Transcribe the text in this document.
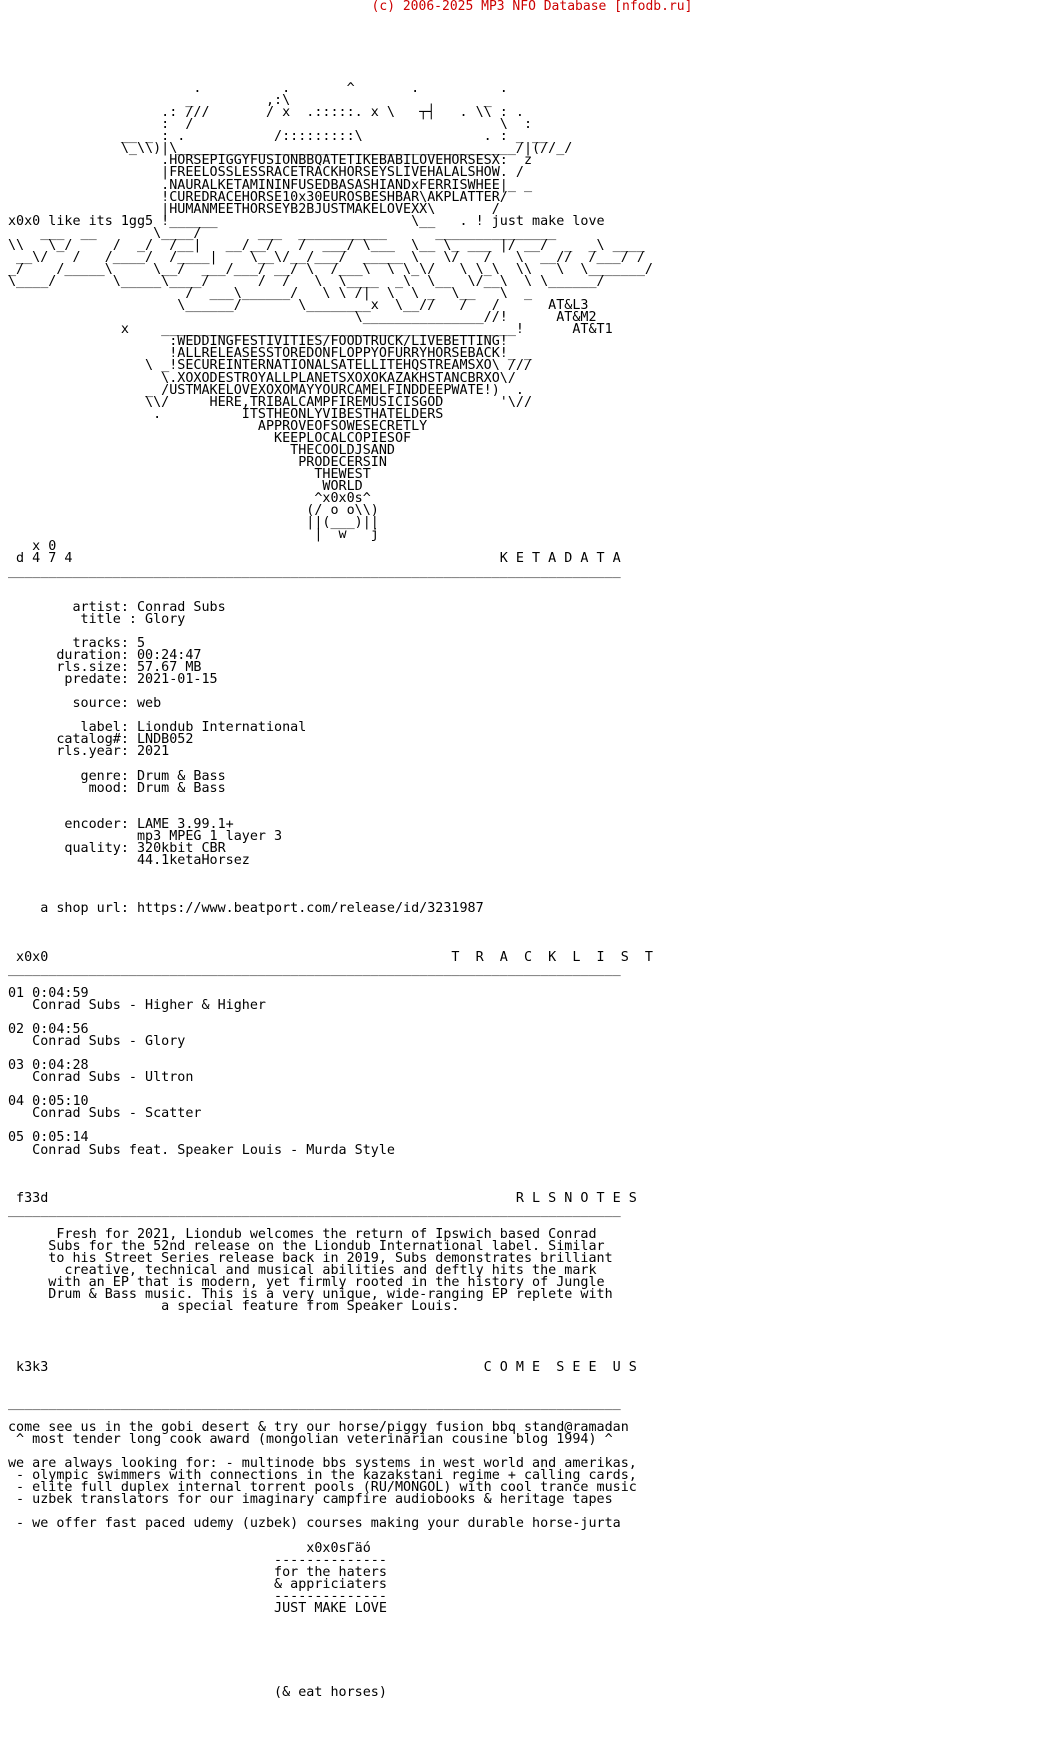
(c) 2006-2025 MP3 NFO Database [nfodb.ru]
.          .       ^       .          .
_         ,:\                        _
.: ///       / x  .:::::. x \   ┬┤   . \\ : .
:  /                                      \  :
__ _ : .           /:::::::::\               . : _ __
\_\\)|\__________________________________________/|(//_/
.HORSEPIGGYFUSIONBBQATETIKEBABILOVEHORSESX:  z
|FREELOSSLESSRACETRACKHORSEYSLIVEHALALSHOW. /
.NAURALKETAMININFUSEDBASASHIANDxFERRISWHEE|_ _
!CUREDRACEHORSE10x30EUROSBESHBAR\AKPLATTER/
|HUMANMEETHORSEYB2BJUSTMAKELOVEXX\       /
x0x0 like its 1gg5 !______                        \__   . ! just make love
___  __       \____/       ___  ___________      _______________
\\   \_/     /  _/  /__|   __/__/   /  ___/ \___  \__ \_ ___ |/ __/  _  _\ ____
__\/   /   /____/  /____|    \__\/__/___/  _____ \   \/   /   \  __//  /___/ /
_/    /_____\     \__/  ___/___/ __/ \  /___\  \ \_\/   \ \_\  \\   \  \_______/
\____/       \_____\____/      /  /   \  \____  _\  \__  \/__\  \ \______/
/  ___\______/   \ \ /|  \  \ _  \__   \  _
\______/       \________x  \__//   /   /      AT&L3
\_______________//!      AT&M2
x    ____________________________________________!      AT&T1
:WEDDINGFESTIVITIES/FOODTRUCK/LIVEBETTING!
!ALLRELEASESSTOREDONFLOPPYOFURRYHORSEBACK!_ _
\ _!SECUREINTERNATIONALSATELLITEHQSTREAMSXO\ ///
\.XOXODESTROYALLPLANETSXOXOKAZAKHSTANCBRXO\/
_ /USTMAKELOVEXOXOMAYYOURCAMELFINDDEEPWATE!)  .
\\/     HERE,TRIBALCAMPFIREMUSICISGOD       '\//
.          ITSTHEONLYVIBESTHATELDERS
APPROVEOFSOWESECRETLY
KEEPLOCALCOPIESOF
THECOOLDJSAND
PRODECERSIN
THEWEST
WORLD
^x0x0s^
(/ o o\\)
||(___)||
|  w   j
x 0
d 4 7 4                                                     K E T A D A T A
____________________________________________________________________________

artist: Conrad Subs
title : Glory

tracks: 5
duration: 00:24:47
rls.size: 57.67 MB
predate: 2021-01-15

source: web

label: Liondub International
catalog#: LNDB052
rls.year: 2021

genre: Drum & Bass
mood: Drum & Bass

encoder: LAME 3.99.1+
mp3 MPEG 1 layer 3
quality: 320kbit CBR
44.1ketaHorsez

a shop url: https://www.beatport.com/release/id/3231987

x0x0                                                  T  R  A  C  K  L  I  S  T
____________________________________________________________________________

01 0:04:59
Conrad Subs - Higher & Higher

02 0:04:56
Conrad Subs - Glory

03 0:04:28
Conrad Subs - Ultron

04 0:05:10
Conrad Subs - Scatter

05 0:05:14
Conrad Subs feat. Speaker Louis - Murda Style

f33d                                                          R L S N O T E S
____________________________________________________________________________

Fresh for 2021, Liondub welcomes the return of Ipswich based Conrad
Subs for the 52nd release on the Liondub International label. Similar
to his Street Series release back in 2019, Subs demonstrates brilliant
creative, technical and musical abilities and deftly hits the mark
with an EP that is modern, yet firmly rooted in the history of Jungle
Drum & Bass music. This is a very unique, wide-ranging EP replete with
a special feature from Speaker Louis.

k3k3                                                      C O M E  S E E  U S

____________________________________________________________________________

come see us in the gobi desert & try our horse/piggy fusion bbq stand@ramadan
^ most tender long cook award (mongolian veterinarian cousine blog 1994) ^

we are always looking for: - multinode bbs systems in west world and amerikas,
- olympic swimmers with connections in the kazakstani regime + calling cards,
- elite full duplex internal torrent pools (RU/MONGOL) with cool trance music
- uzbek translators for our imaginary campfire audiobooks & heritage tapes

- we offer fast paced udemy (uzbek) courses making your durable horse-jurta

x0x0sΓäó
--------------
for the haters
& appriciaters
--------------
JUST MAKE LOVE

(& eat horses)
